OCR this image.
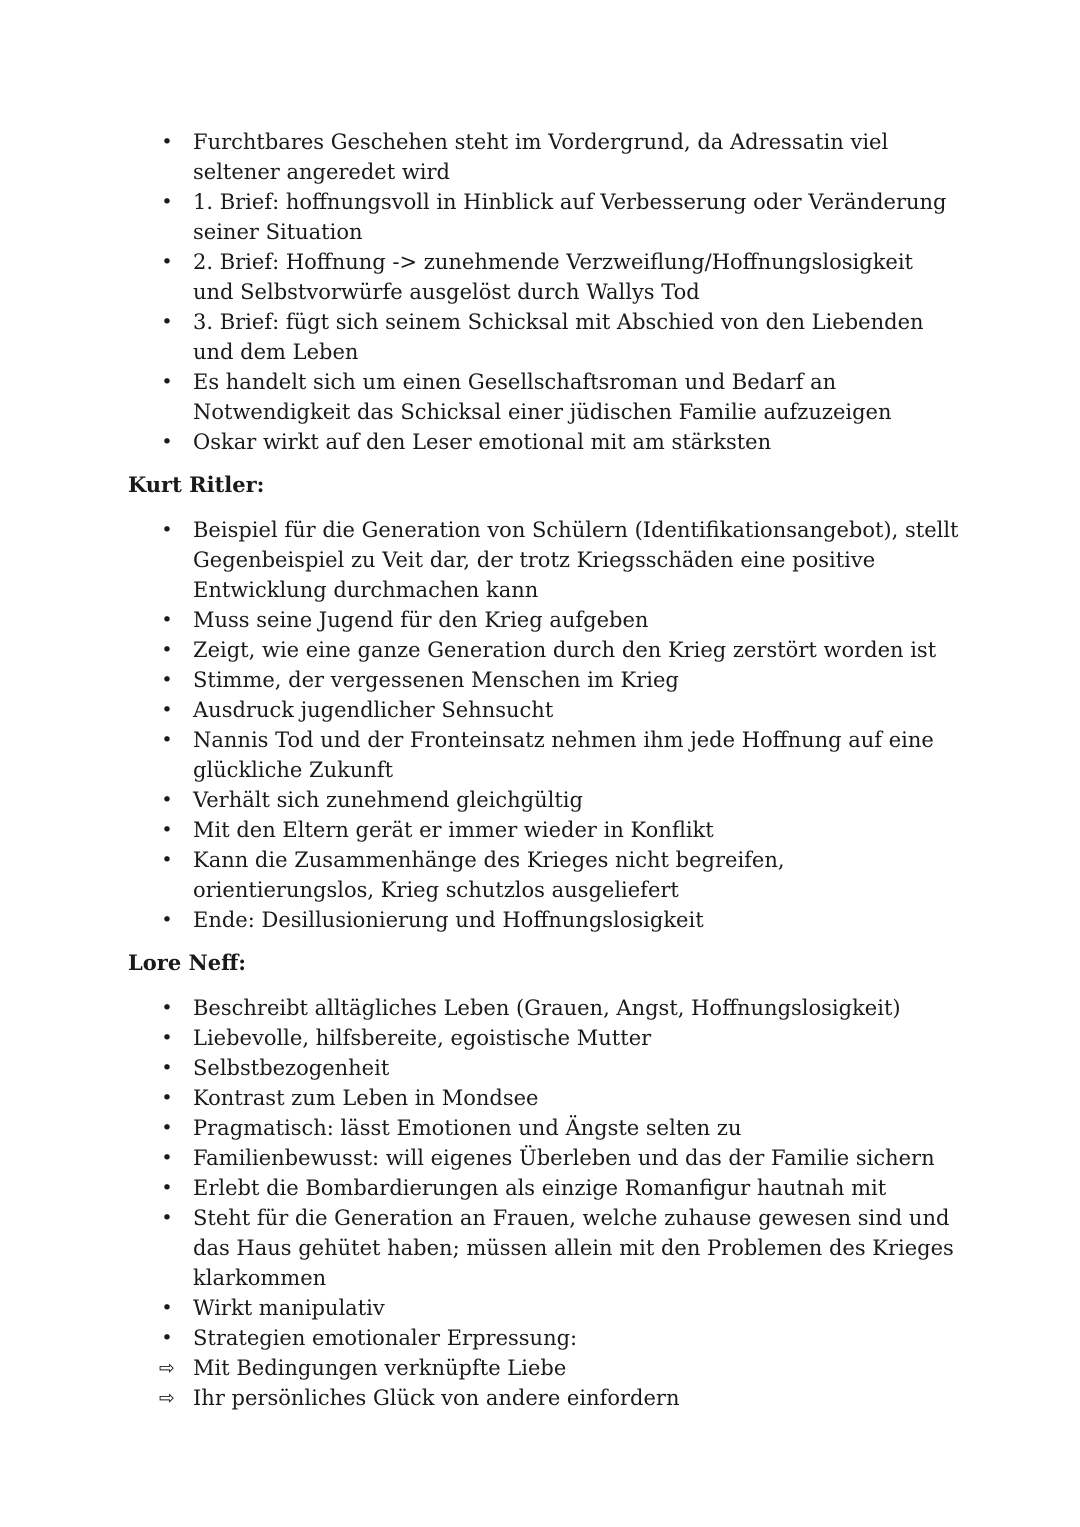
• Furchtbares Geschehen steht im Vordergrund, da Adressatin viel seltener angeredet wird
• 1. Brief: hoffnungsvoll in Hinblick auf Verbesserung oder Veränderung seiner Situation
• 2. Brief: Hoffnung -> zunehmende Verzweiflung/Hoffnungslosigkeit und Selbstvorwürfe ausgelöst durch Wallys Tod
• 3. Brief: fügt sich seinem Schicksal mit Abschied von den Liebenden und dem Leben
• Es handelt sich um einen Gesellschaftsroman und Bedarf an Notwendigkeit das Schicksal einer jüdischen Familie aufzuzeigen
• Oskar wirkt auf den Leser emotional mit am stärksten
Kurt Ritler:
• Beispiel für die Generation von Schülern (Identifikationsangebot), stellt Gegenbeispiel zu Veit dar, der trotz Kriegsschäden eine positive Entwicklung durchmachen kann
• Muss seine Jugend für den Krieg aufgeben
• Zeigt, wie eine ganze Generation durch den Krieg zerstört worden ist
• Stimme, der vergessenen Menschen im Krieg
• Ausdruck jugendlicher Sehnsucht
• Nannis Tod und der Fronteinsatz nehmen ihm jede Hoffnung auf eine glückliche Zukunft
• Verhält sich zunehmend gleichgültig
• Mit den Eltern gerät er immer wieder in Konflikt
• Kann die Zusammenhänge des Krieges nicht begreifen, orientierungslos, Krieg schutzlos ausgeliefert
• Ende: Desillusionierung und Hoffnungslosigkeit
Lore Neff:
• Beschreibt alltägliches Leben (Grauen, Angst, Hoffnungslosigkeit)
• Liebevolle, hilfsbereite, egoistische Mutter
• Selbstbezogenheit
• Kontrast zum Leben in Mondsee
• Pragmatisch: lässt Emotionen und Ängste selten zu
• Familienbewusst: will eigenes Überleben und das der Familie sichern
• Erlebt die Bombardierungen als einzige Romanfigur hautnah mit
• Steht für die Generation an Frauen, welche zuhause gewesen sind und das Haus gehütet haben; müssen allein mit den Problemen des Krieges klarkommen
• Wirkt manipulativ
• Strategien emotionaler Erpressung:
⇨ Mit Bedingungen verknüpfte Liebe
⇨ Ihr persönliches Glück von andere einfordern
